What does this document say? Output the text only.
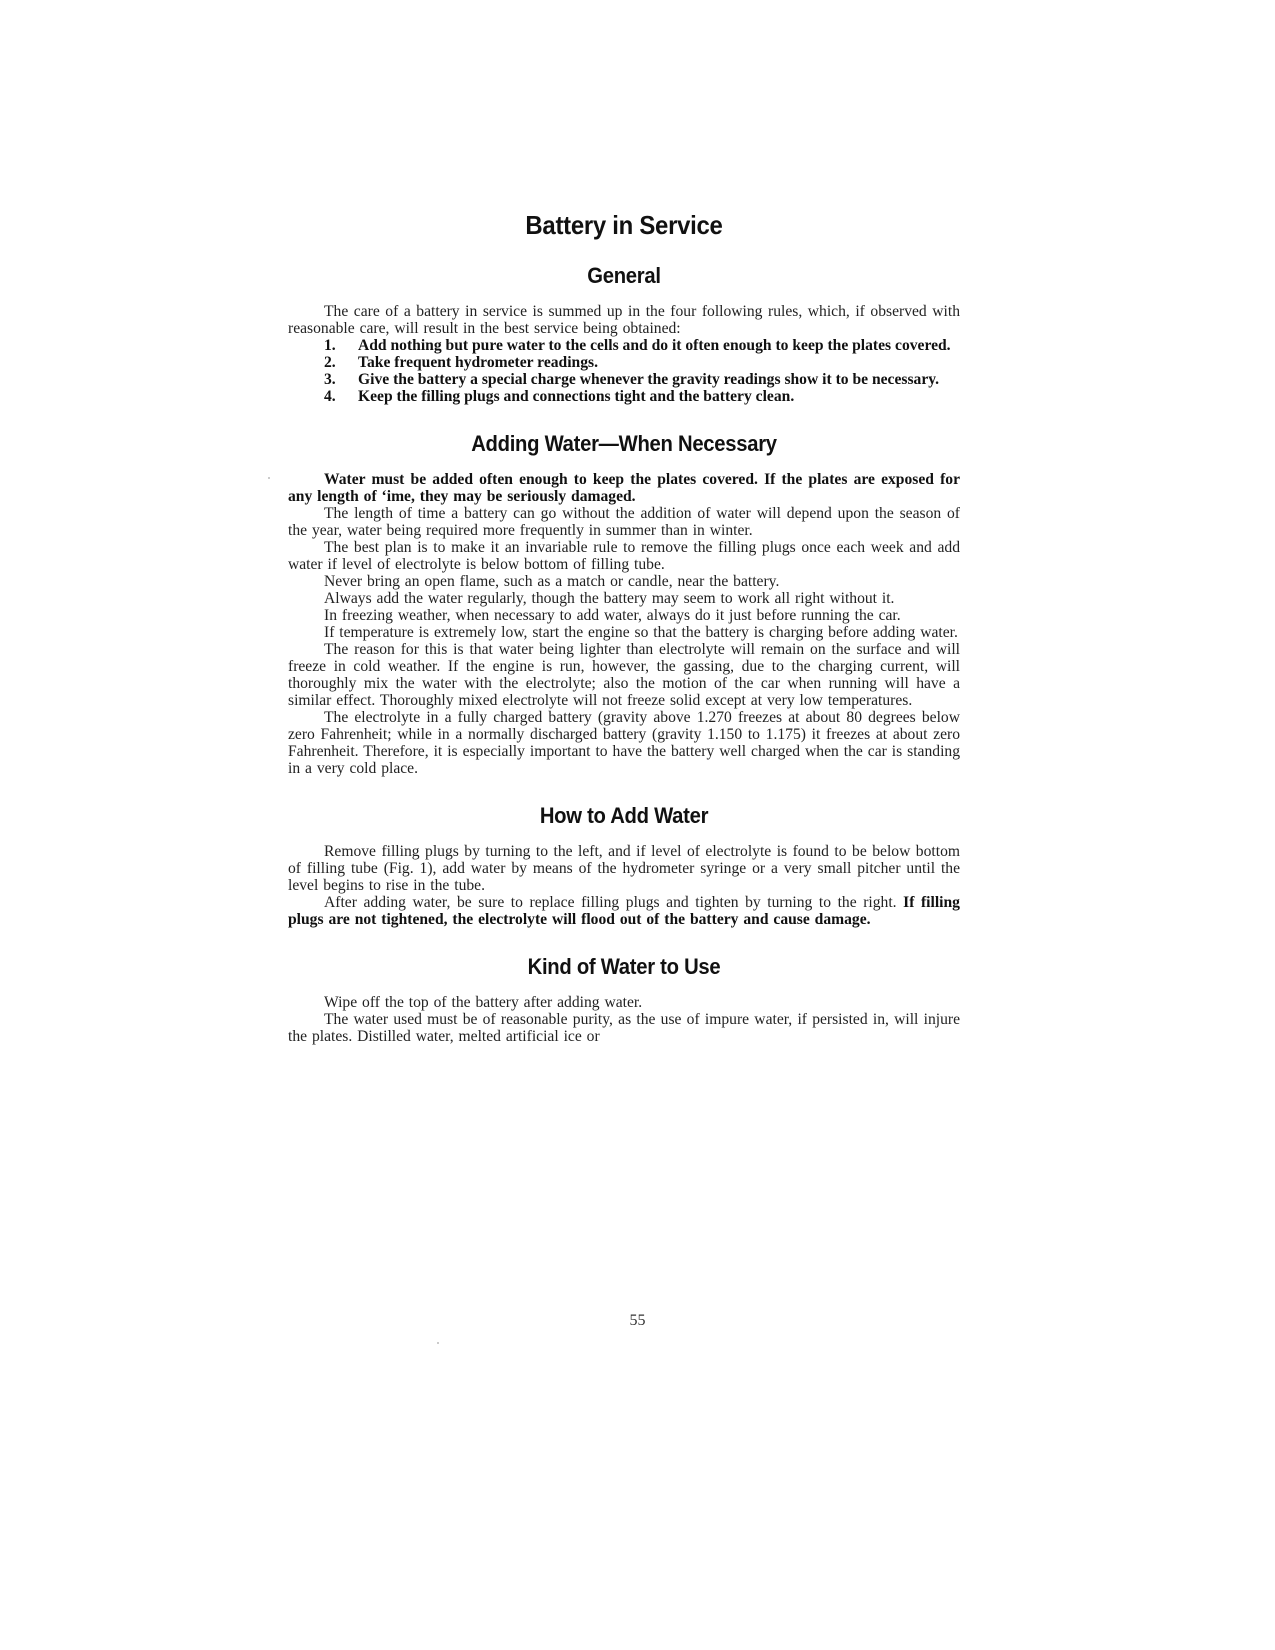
Battery in Service
General

The care of a battery in service is summed up in the four following rules, which, if observed with reasonable care, will result in the best service being obtained:

1. Add nothing but pure water to the cells and do it often enough to keep the plates covered.
2. Take frequent hydrometer readings.
3. Give the battery a special charge whenever the gravity readings show it to be necessary.
4. Keep the filling plugs and connections tight and the battery clean.
Adding Water—When Necessary

Water must be added often enough to keep the plates covered. If the plates are exposed for any length of ‘ime, they may be seriously damaged.

The length of time a battery can go without the addition of water will depend upon the season of the year, water being required more frequently in summer than in winter.

The best plan is to make it an invariable rule to remove the filling plugs once each week and add water if level of electrolyte is below bottom of filling tube.

Never bring an open flame, such as a match or candle, near the battery.

Always add the water regularly, though the battery may seem to work all right without it.

In freezing weather, when necessary to add water, always do it just before running the car.

If temperature is extremely low, start the engine so that the battery is charging before adding water.

The reason for this is that water being lighter than electrolyte will remain on the surface and will freeze in cold weather. If the engine is run, however, the gassing, due to the charging current, will thoroughly mix the water with the electrolyte; also the motion of the car when running will have a similar effect. Thoroughly mixed electrolyte will not freeze solid except at very low temperatures.

The electrolyte in a fully charged battery (gravity above 1.270 freezes at about 80 degrees below zero Fahrenheit; while in a normally discharged battery (gravity 1.150 to 1.175) it freezes at about zero Fahrenheit. Therefore, it is especially important to have the battery well charged when the car is standing in a very cold place.

How to Add Water

Remove filling plugs by turning to the left, and if level of electrolyte is found to be below bottom of filling tube (Fig. 1), add water by means of the hydrometer syringe or a very small pitcher until the level begins to rise in the tube.

After adding water, be sure to replace filling plugs and tighten by turning to the right. If filling plugs are not tightened, the electrolyte will flood out of the battery and cause damage.

Kind of Water to Use

Wipe off the top of the battery after adding water.

The water used must be of reasonable purity, as the use of impure water, if persisted in, will injure the plates. Distilled water, melted artificial ice or

55
